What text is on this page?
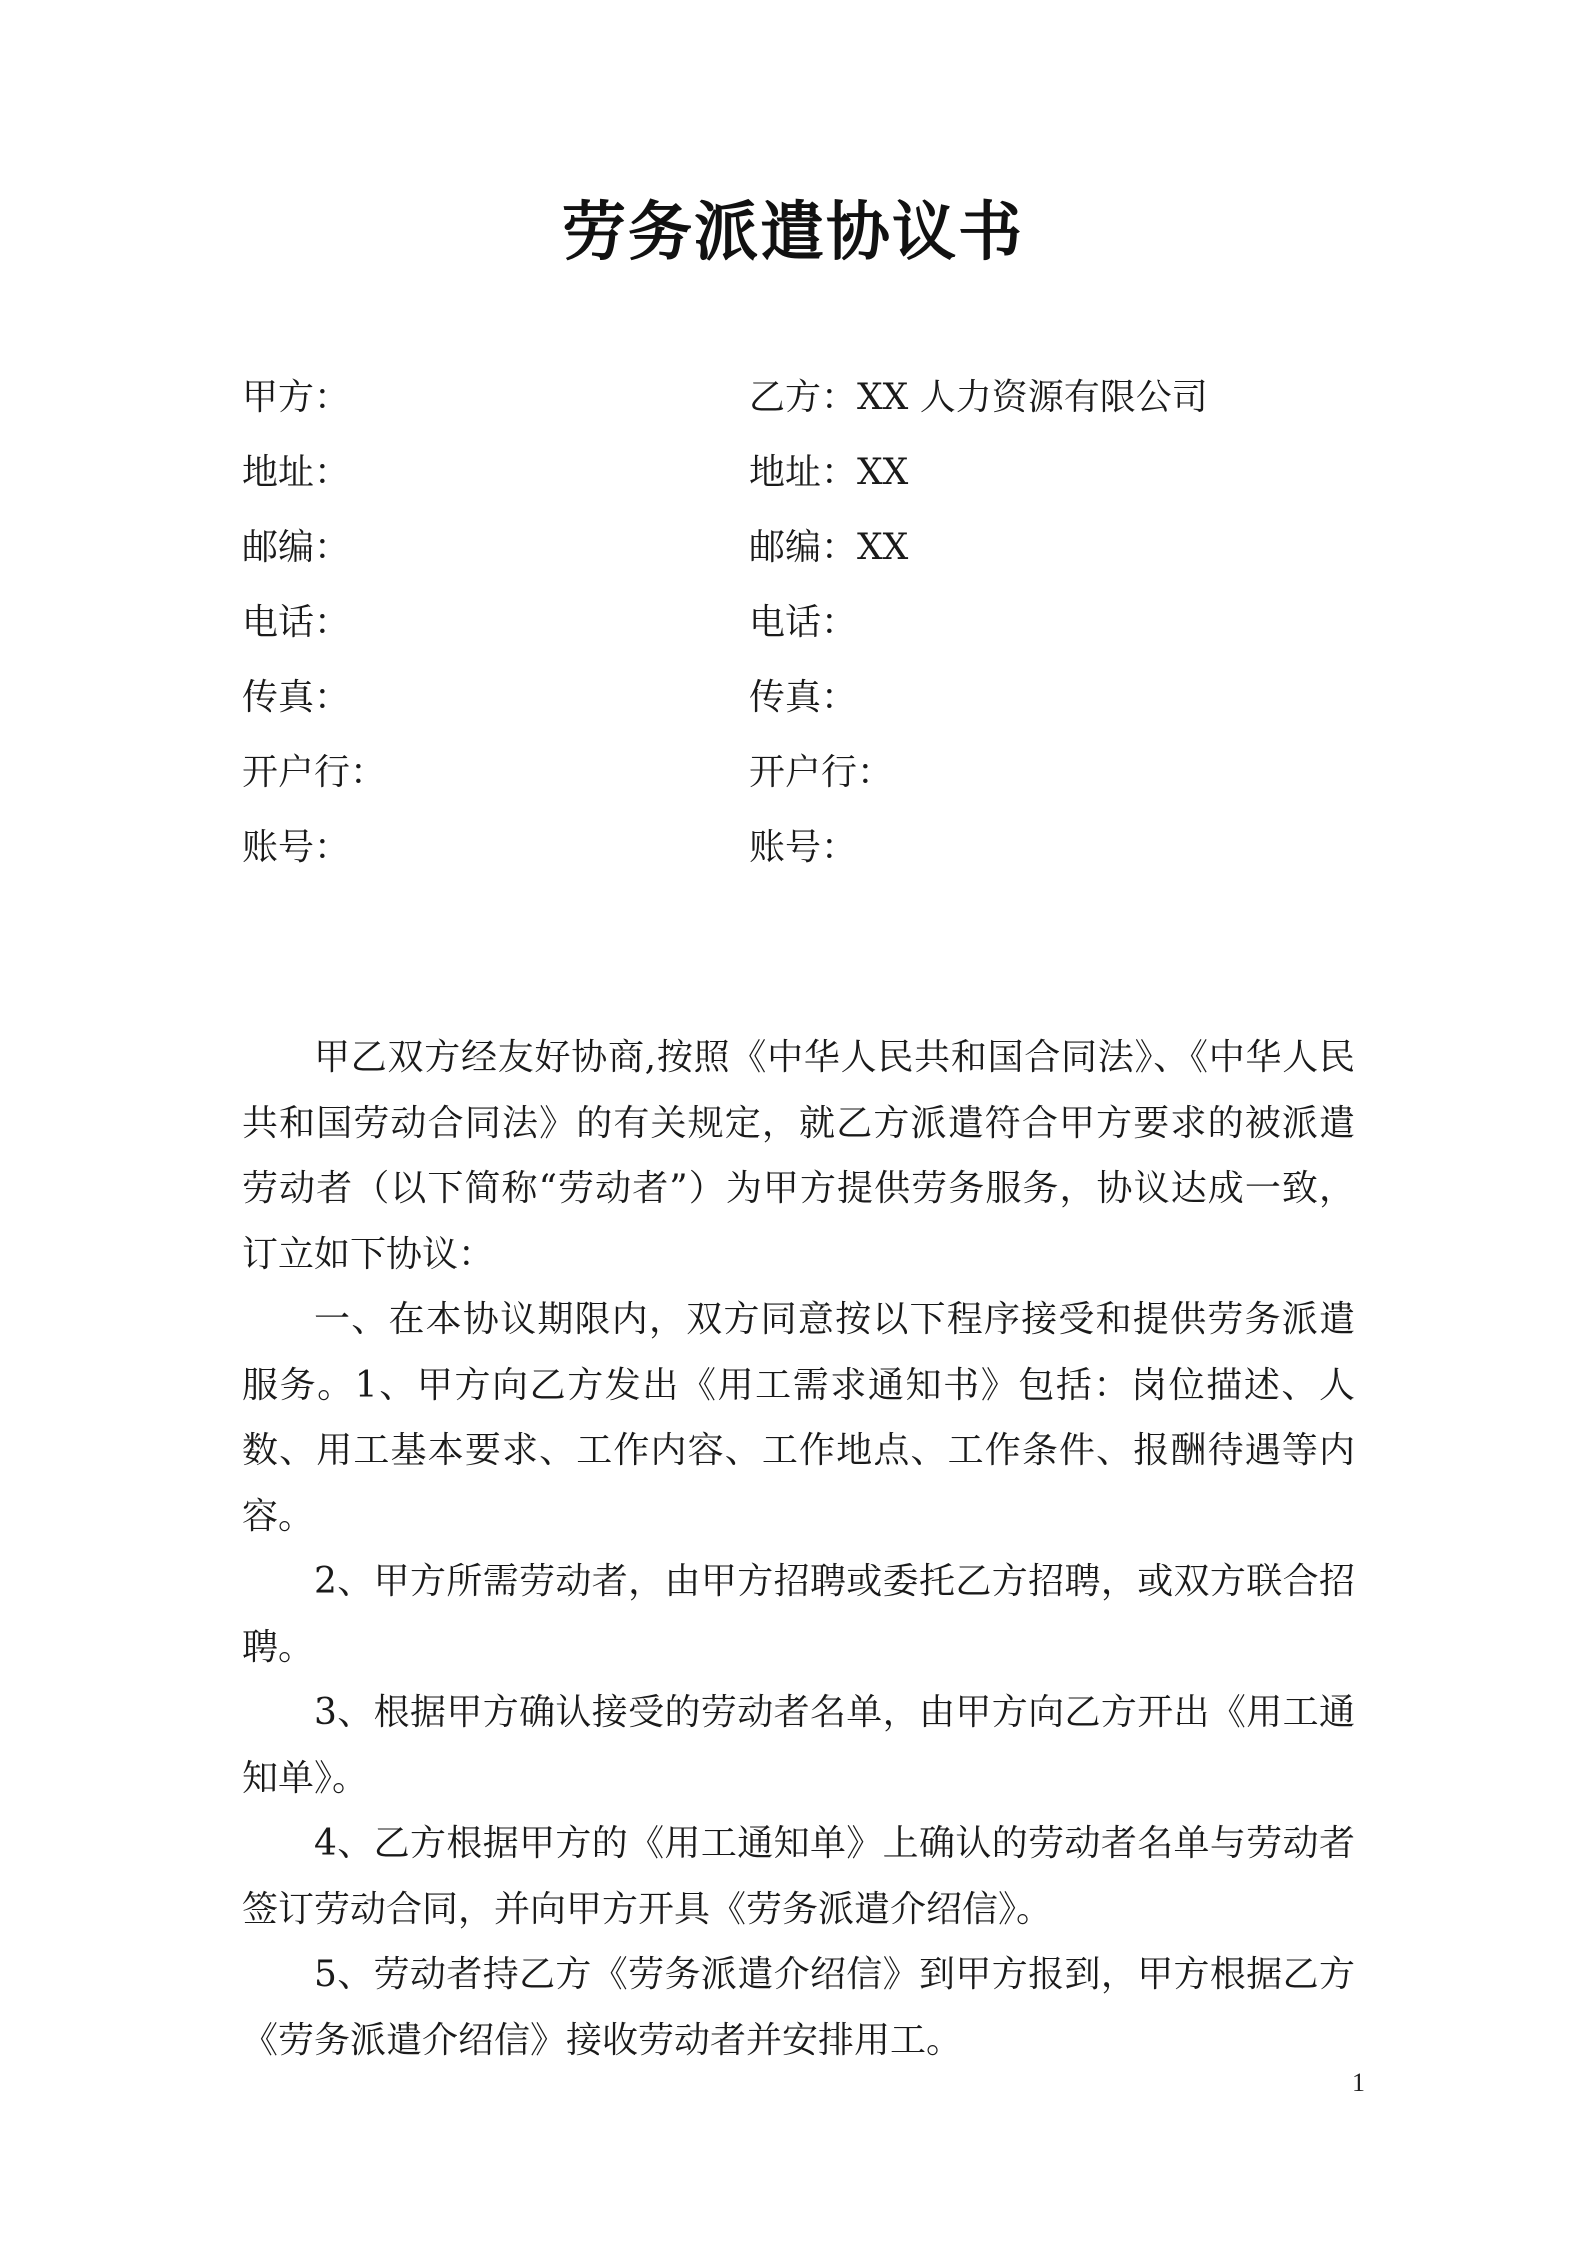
劳务派遣协议书
甲方：	乙方：XX 人力资源有限公司
地址：	地址：XX
邮编：	邮编：XX
电话：	电话：
传真：	传真：
开户行：	开户行：
账号：	账号：

甲乙双方经友好协商,按照《中华人民共和国合同法》、《中华人民共和国劳动合同法》的有关规定，就乙方派遣符合甲方要求的被派遣劳动者（以下简称“劳动者”）为甲方提供劳务服务，协议达成一致，订立如下协议：

一、在本协议期限内，双方同意按以下程序接受和提供劳务派遣服务。1、甲方向乙方发出《用工需求通知书》包括：岗位描述、人数、用工基本要求、工作内容、工作地点、工作条件、报酬待遇等内容。

2、甲方所需劳动者，由甲方招聘或委托乙方招聘，或双方联合招聘。

3、根据甲方确认接受的劳动者名单，由甲方向乙方开出《用工通知单》。

4、乙方根据甲方的《用工通知单》上确认的劳动者名单与劳动者签订劳动合同，并向甲方开具《劳务派遣介绍信》。

5、劳动者持乙方《劳务派遣介绍信》到甲方报到，甲方根据乙方《劳务派遣介绍信》接收劳动者并安排用工。

1
